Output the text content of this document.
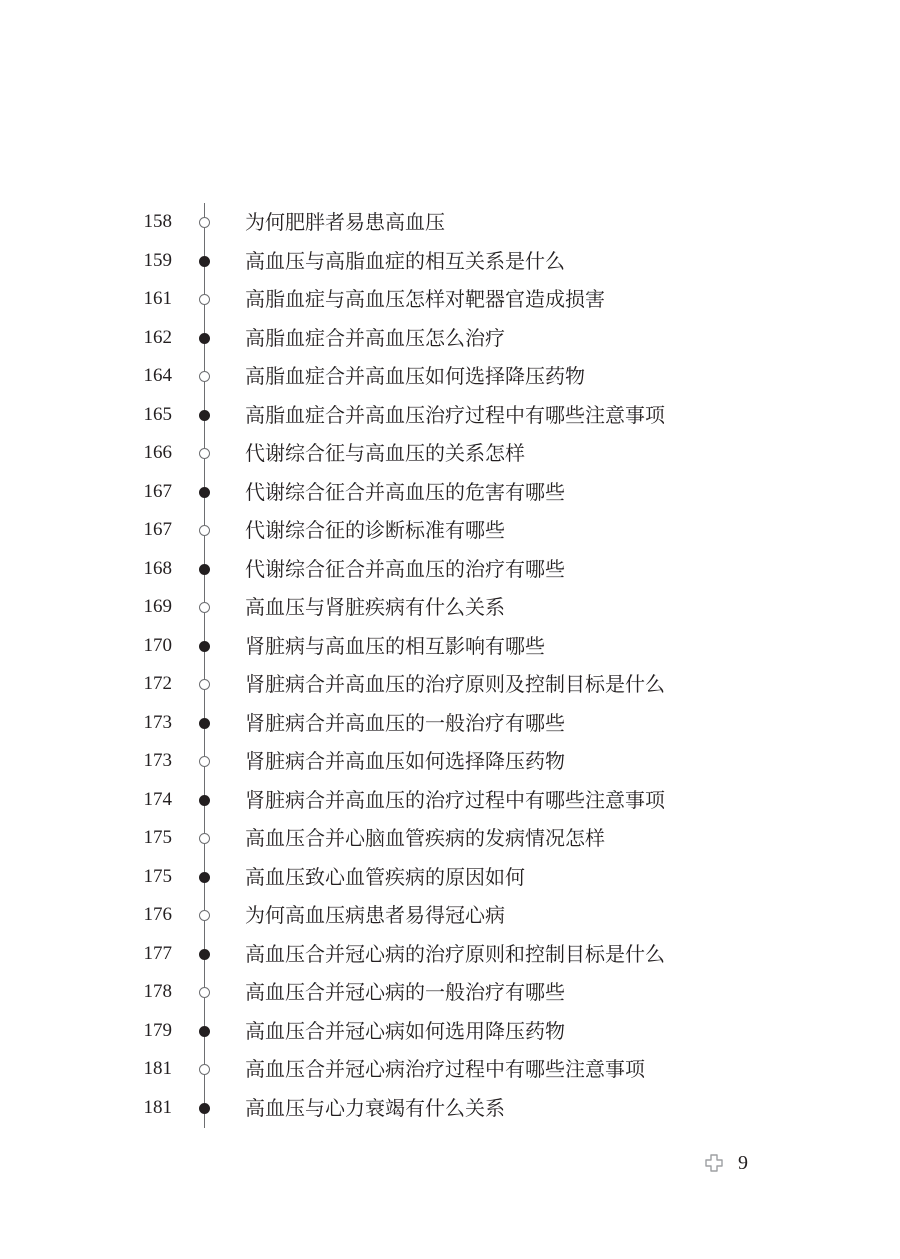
158	为何肥胖者易患高血压
159	高血压与高脂血症的相互关系是什么
161	高脂血症与高血压怎样对靶器官造成损害
162	高脂血症合并高血压怎么治疗
164	高脂血症合并高血压如何选择降压药物
165	高脂血症合并高血压治疗过程中有哪些注意事项
166	代谢综合征与高血压的关系怎样
167	代谢综合征合并高血压的危害有哪些
167	代谢综合征的诊断标准有哪些
168	代谢综合征合并高血压的治疗有哪些
169	高血压与肾脏疾病有什么关系
170	肾脏病与高血压的相互影响有哪些
172	肾脏病合并高血压的治疗原则及控制目标是什么
173	肾脏病合并高血压的一般治疗有哪些
173	肾脏病合并高血压如何选择降压药物
174	肾脏病合并高血压的治疗过程中有哪些注意事项
175	高血压合并心脑血管疾病的发病情况怎样
175	高血压致心血管疾病的原因如何
176	为何高血压病患者易得冠心病
177	高血压合并冠心病的治疗原则和控制目标是什么
178	高血压合并冠心病的一般治疗有哪些
179	高血压合并冠心病如何选用降压药物
181	高血压合并冠心病治疗过程中有哪些注意事项
181	高血压与心力衰竭有什么关系
9
